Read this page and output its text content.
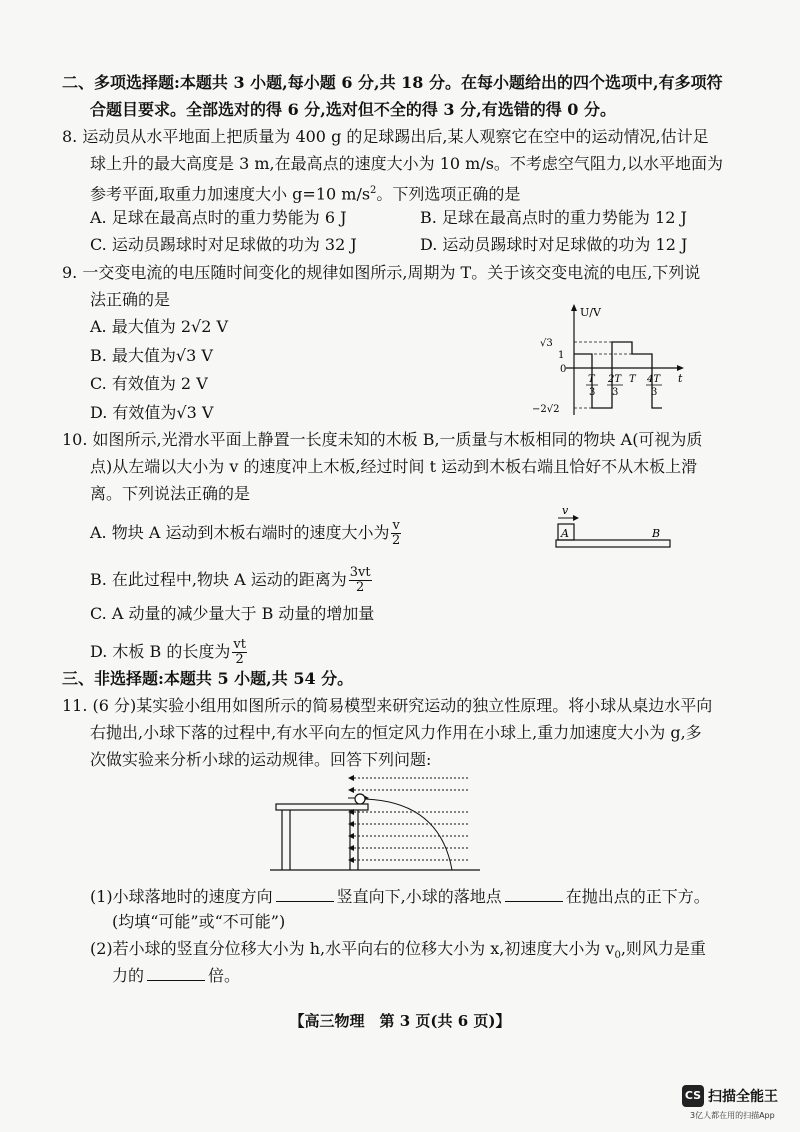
二、多项选择题:本题共 3 小题,每小题 6 分,共 18 分。在每小题给出的四个选项中,有多项符
合题目要求。全部选对的得 6 分,选对但不全的得 3 分,有选错的得 0 分。
8. 运动员从水平地面上把质量为 400 g 的足球踢出后,某人观察它在空中的运动情况,估计足
球上升的最大高度是 3 m,在最高点的速度大小为 10 m/s。不考虑空气阻力,以水平地面为
参考平面,取重力加速度大小 g=10 $m/s^2$。下列选项正确的是
A. 足球在最高点时的重力势能为 6 J	B. 足球在最高点时的重力势能为 12 J
C. 运动员踢球时对足球做的功为 32 J	D. 运动员踢球时对足球做的功为 12 J
9. 一交变电流的电压随时间变化的规律如图所示,周期为 T。关于该交变电流的电压,下列说
法正确的是
A. 最大值为 2√2 V
B. 最大值为√3 V
C. 有效值为 2 V
D. 有效值为√3 V
U/V
t
√3
1
0
−2√2
T
3
2T
3
T 4T
3
10. 如图所示,光滑水平面上静置一长度未知的木板 B,一质量与木板相同的物块 A(可视为质
点)从左端以大小为 v 的速度冲上木板,经过时间 t 运动到木板右端且恰好不从木板上滑
离。下列说法正确的是
A. 物块 A 运动到木板右端时的速度大小为 $\frac{v}{2}$
B. 在此过程中,物块 A 运动的距离为 $\frac{3vt}{2}$
C. A 动量的减少量大于 B 动量的增加量
D. 木板 B 的长度为 $\frac{vt}{2}$
v
A	B
三、非选择题:本题共 5 小题,共 54 分。
11. (6 分)某实验小组用如图所示的简易模型来研究运动的独立性原理。将小球从桌边水平向
右抛出,小球下落的过程中,有水平向左的恒定风力作用在小球上,重力加速度大小为 g,多
次做实验来分析小球的运动规律。回答下列问题:
(1)小球落地时的速度方向	竖直向下,小球的落地点	在抛出点的正下方。
(均填“可能”或“不可能”)
(2)若小球的竖直分位移大小为 h,水平向右的位移大小为 x,初速度大小为 $v_0$,则风力是重
力的	倍。
【高三物理　第 3 页(共 6 页)】
CS 扫描全能王
3亿人都在用的扫描App
